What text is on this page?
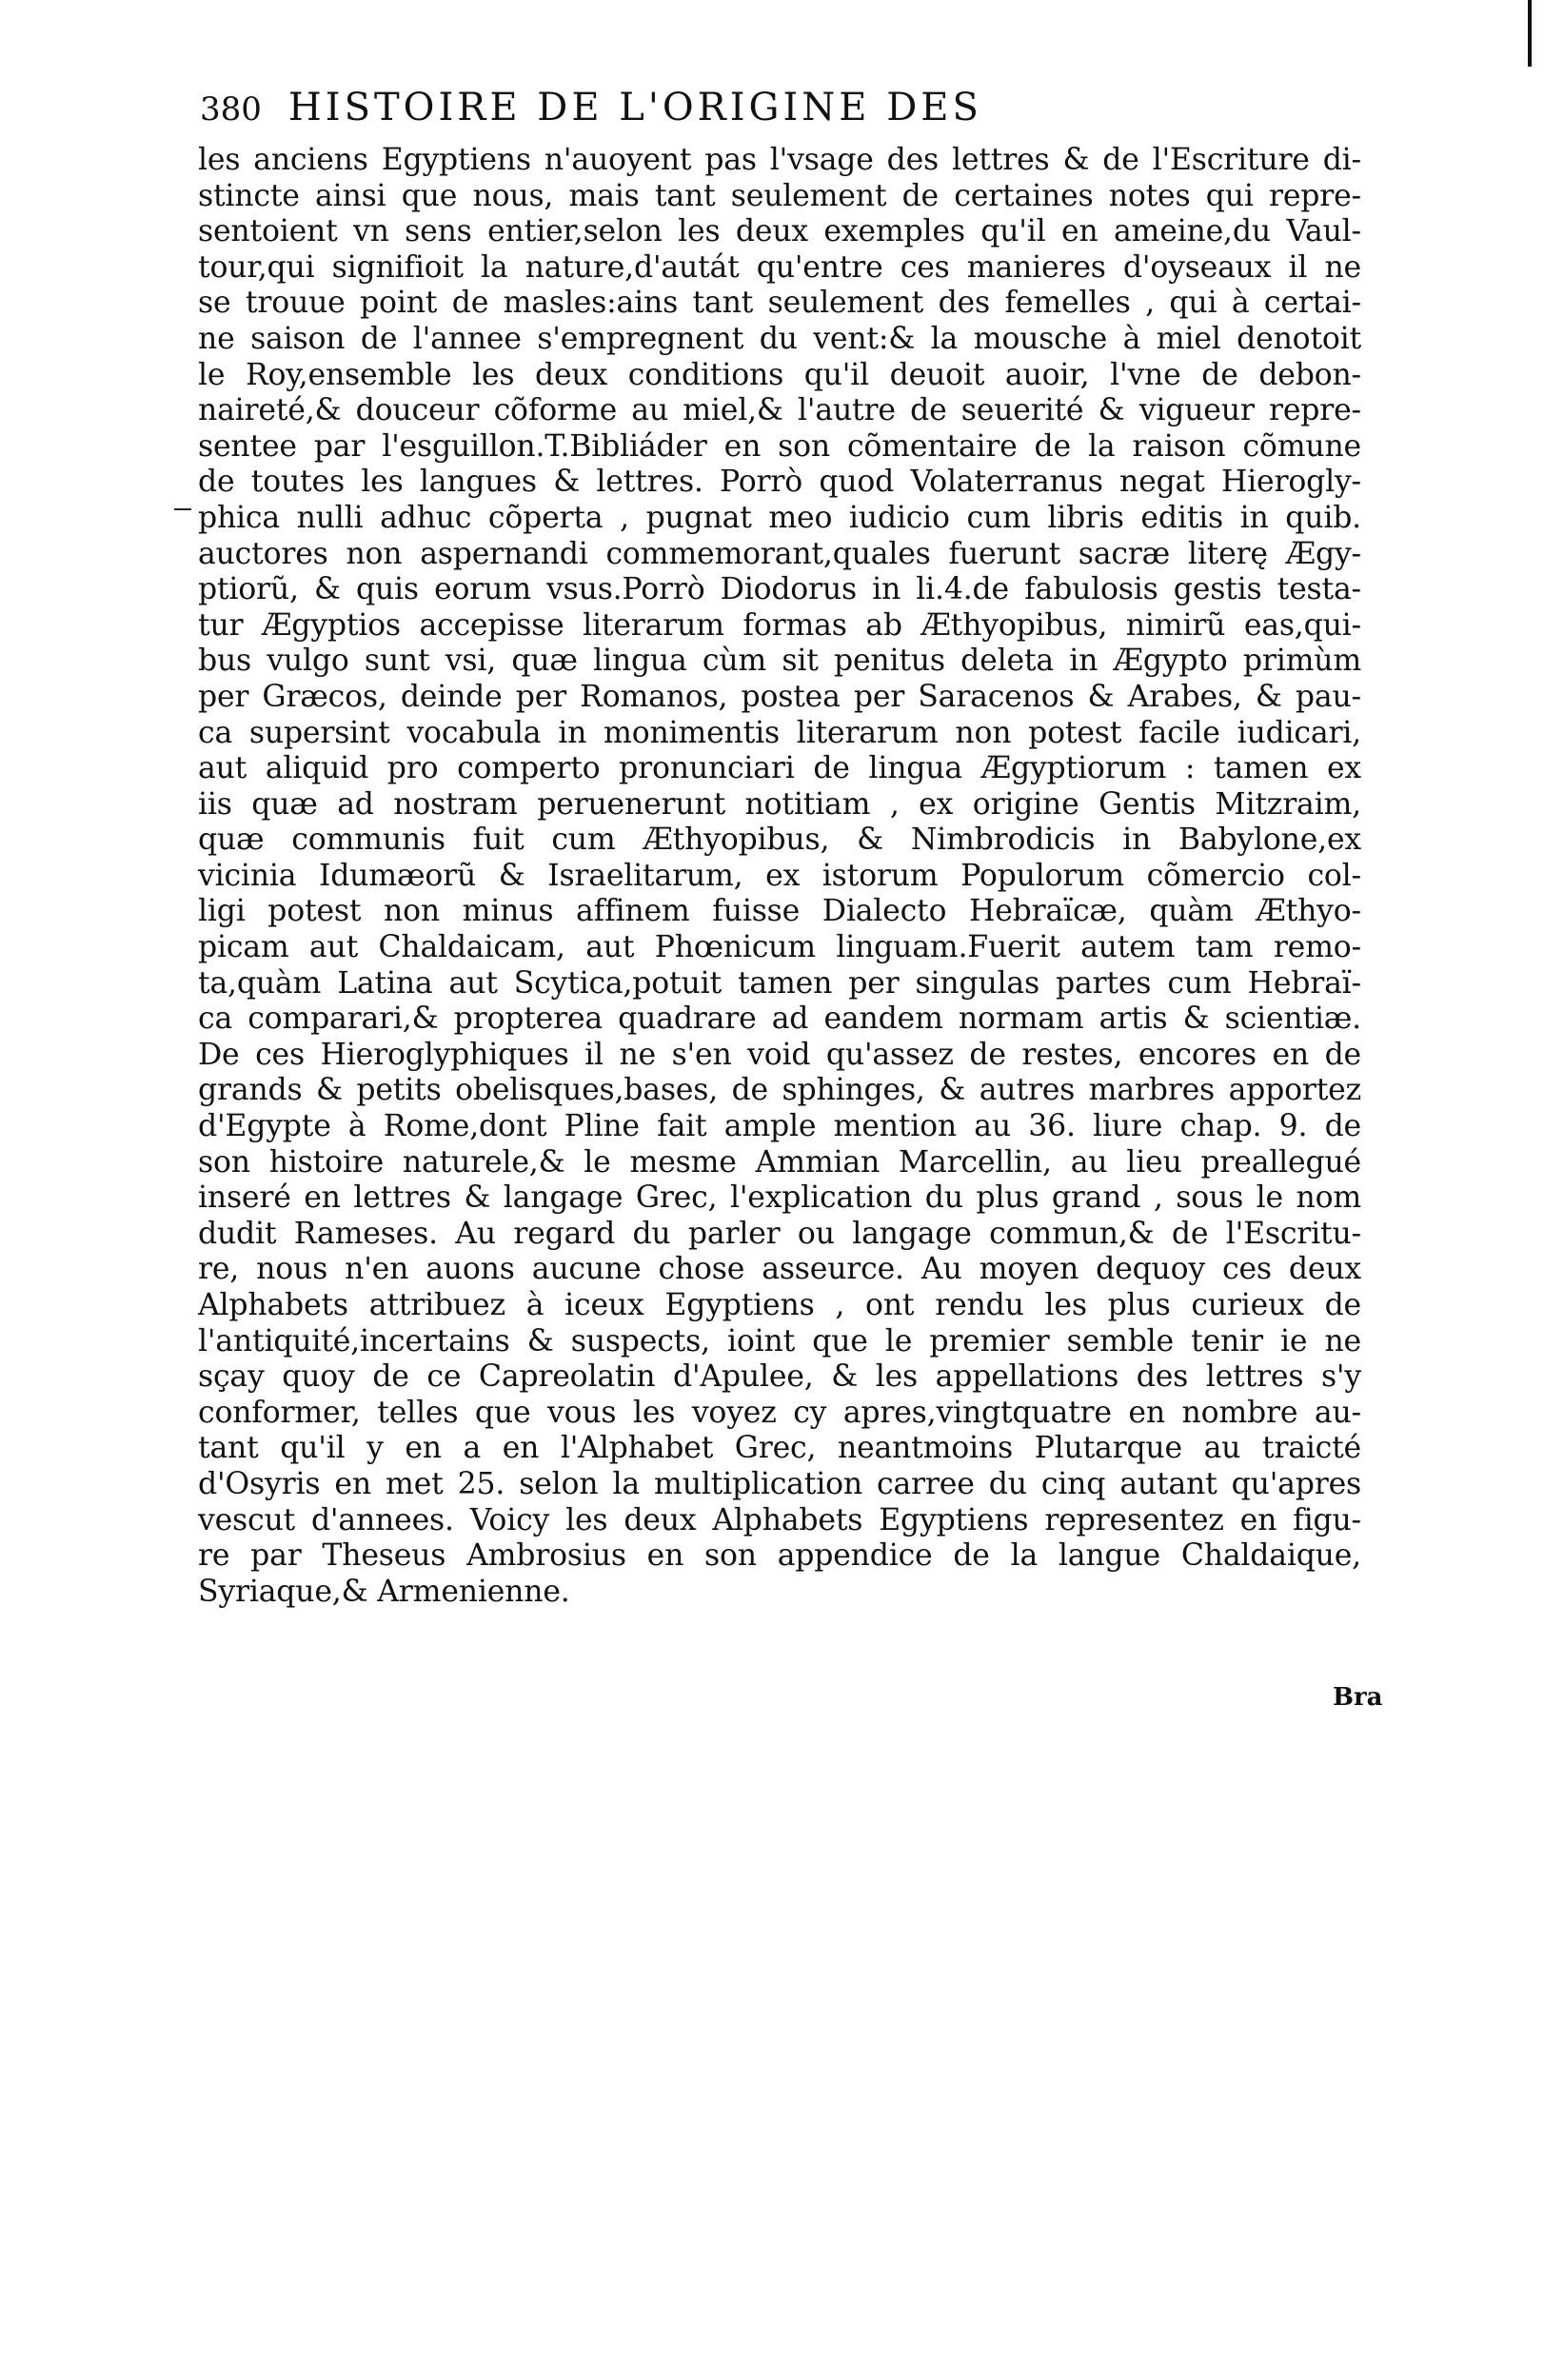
380 HISTOIRE DE L'ORIGINE DES
les anciens Egyptiens n'auoyent pas l'vsage des lettres & de l'Escriture di-
stincte ainsi que nous, mais tant seulement de certaines notes qui repre-
sentoient vn sens entier,selon les deux exemples qu'il en ameine,du Vaul-
tour,qui signifioit la nature,d'autát qu'entre ces manieres d'oyseaux il ne
se trouue point de masles:ains tant seulement des femelles , qui à certai-
ne saison de l'annee s'empregnent du vent:& la mousche à miel denotoit
le Roy,ensemble les deux conditions qu'il deuoit auoir, l'vne de debon-
naireté,& douceur cõforme au miel,& l'autre de seuerité & vigueur repre-
sentee par l'esguillon.T.Bibliáder en son cõmentaire de la raison cõmune
de toutes les langues & lettres. Porrò quod Volaterranus negat Hierogly-
phica nulli adhuc cõperta , pugnat meo iudicio cum libris editis in quib.
auctores non aspernandi commemorant,quales fuerunt sacræ literę Ægy-
ptiorũ, & quis eorum vsus.Porrò Diodorus in li.4.de fabulosis gestis testa-
tur Ægyptios accepisse literarum formas ab Æthyopibus, nimirũ eas,qui-
bus vulgo sunt vsi, quæ lingua cùm sit penitus deleta in Ægypto primùm
per Græcos, deinde per Romanos, postea per Saracenos & Arabes, & pau-
ca supersint vocabula in monimentis literarum non potest facile iudicari,
aut aliquid pro comperto pronunciari de lingua Ægyptiorum : tamen ex
iis quæ ad nostram peruenerunt notitiam , ex origine Gentis Mitzraim,
quæ communis fuit cum Æthyopibus, & Nimbrodicis in Babylone,ex
vicinia Idumæorũ & Israelitarum, ex istorum Populorum cõmercio col-
ligi potest non minus affinem fuisse Dialecto Hebraïcæ, quàm Æthyo-
picam aut Chaldaicam, aut Phœnicum linguam.Fuerit autem tam remo-
ta,quàm Latina aut Scytica,potuit tamen per singulas partes cum Hebraï-
ca comparari,& propterea quadrare ad eandem normam artis & scientiæ.
De ces Hieroglyphiques il ne s'en void qu'assez de restes, encores en de
grands & petits obelisques,bases, de sphinges, & autres marbres apportez
d'Egypte à Rome,dont Pline fait ample mention au 36. liure chap. 9. de
son histoire naturele,& le mesme Ammian Marcellin, au lieu preallegué
inseré en lettres & langage Grec, l'explication du plus grand , sous le nom
dudit Rameses. Au regard du parler ou langage commun,& de l'Escritu-
re, nous n'en auons aucune chose asseurce. Au moyen dequoy ces deux
Alphabets attribuez à iceux Egyptiens , ont rendu les plus curieux de
l'antiquité,incertains & suspects, ioint que le premier semble tenir ie ne
sçay quoy de ce Capreolatin d'Apulee, & les appellations des lettres s'y
conformer, telles que vous les voyez cy apres,vingtquatre en nombre au-
tant qu'il y en a en l'Alphabet Grec, neantmoins Plutarque au traicté
d'Osyris en met 25. selon la multiplication carree du cinq autant qu'apres
vescut d'annees. Voicy les deux Alphabets Egyptiens representez en figu-
re par Theseus Ambrosius en son appendice de la langue Chaldaique,
Syriaque,& Armenienne.
Bra
